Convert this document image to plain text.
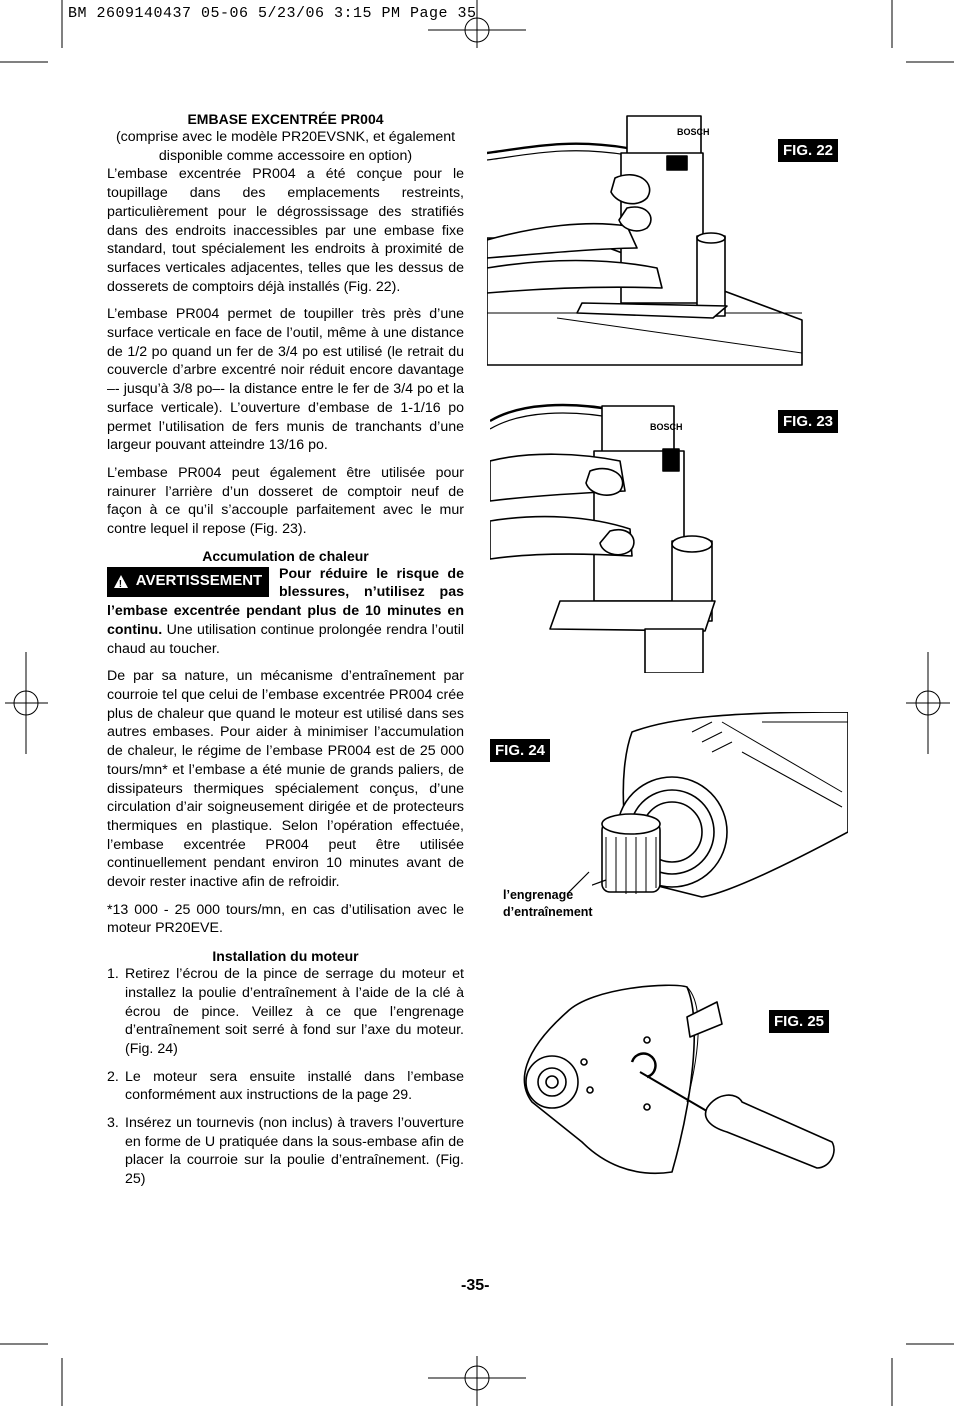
BM 2609140437 05-06 5/23/06 3:15 PM Page 35
EMBASE EXCENTRÉE PR004

(comprise avec le modèle PR20EVSNK, et également disponible comme accessoire en option)

L’embase excentrée PR004 a été conçue pour le toupillage dans des emplacements restreints, particulièrement pour le dégrossissage des stratifiés dans des endroits inaccessibles par une embase fixe standard, tout spécialement les endroits à proximité de surfaces verticales adjacentes, telles que les dessus de dosserets de comptoirs déjà installés (Fig. 22).

L’embase PR004 permet de toupiller très près d’une surface verticale en face de l’outil, même à une distance de 1/2 po quand un fer de 3/4 po est utilisé (le retrait du couvercle d’arbre excentré noir réduit encore davantage –- jusqu’à 3/8 po–- la distance entre le fer de 3/4 po et la surface verticale). L’ouverture d’embase de 1-1/16 po permet l’utilisation de fers munis de tranchants d’une largeur pouvant atteindre 13/16 po.

L’embase PR004 peut également être utilisée pour rainurer l’arrière d’un dosseret de comptoir neuf de façon à ce qu’il s’accouple parfaitement avec le mur contre lequel il repose (Fig. 23).

Accumulation de chaleur

!
AVERTISSEMENT Pour réduire le risque de blessures, n’utilisez pas l’embase excentrée pendant plus de 10 minutes en continu. Une utilisation continue prolongée rendra l’outil chaud au toucher.

De par sa nature, un mécanisme d’entraînement par courroie tel que celui de l’embase excentrée PR004 crée plus de chaleur que quand le moteur est utilisé dans ses autres embases. Pour aider à minimiser l’accumulation de chaleur, le régime de l’embase PR004 est de 25 000 tours/mn* et l’embase a été munie de grands paliers, de dissipateurs thermiques spécialement conçus, d’une circulation d’air soigneusement dirigée et de protecteurs thermiques en plastique. Selon l’opération effectuée, l’embase excentrée PR004 peut être utilisée continuellement pendant environ 10 minutes avant de devoir rester inactive afin de refroidir.

*13 000 - 25 000 tours/mn, en cas d’utilisation avec le moteur PR20EVE.

Installation du moteur
1. Retirez l’écrou de la pince de serrage du moteur et installez la poulie d’entraînement à l’aide de la clé à écrou de pince. Veillez à ce que l’engrenage d’entraînement soit serré à fond sur l’axe du moteur. (Fig. 24)
2. Le moteur sera ensuite installé dans l’embase conformément aux instructions de la page 29.
3. Insérez un tournevis (non inclus) à travers l’ouverture en forme de U pratiquée dans la sous-embase afin de placer la courroie sur la poulie d’entraînement. (Fig. 25)
BOSCH
FIG. 22
BOSCH	FIG. 23
FIG. 24
l’engrenage d’entraînement
FIG. 25
-35-
